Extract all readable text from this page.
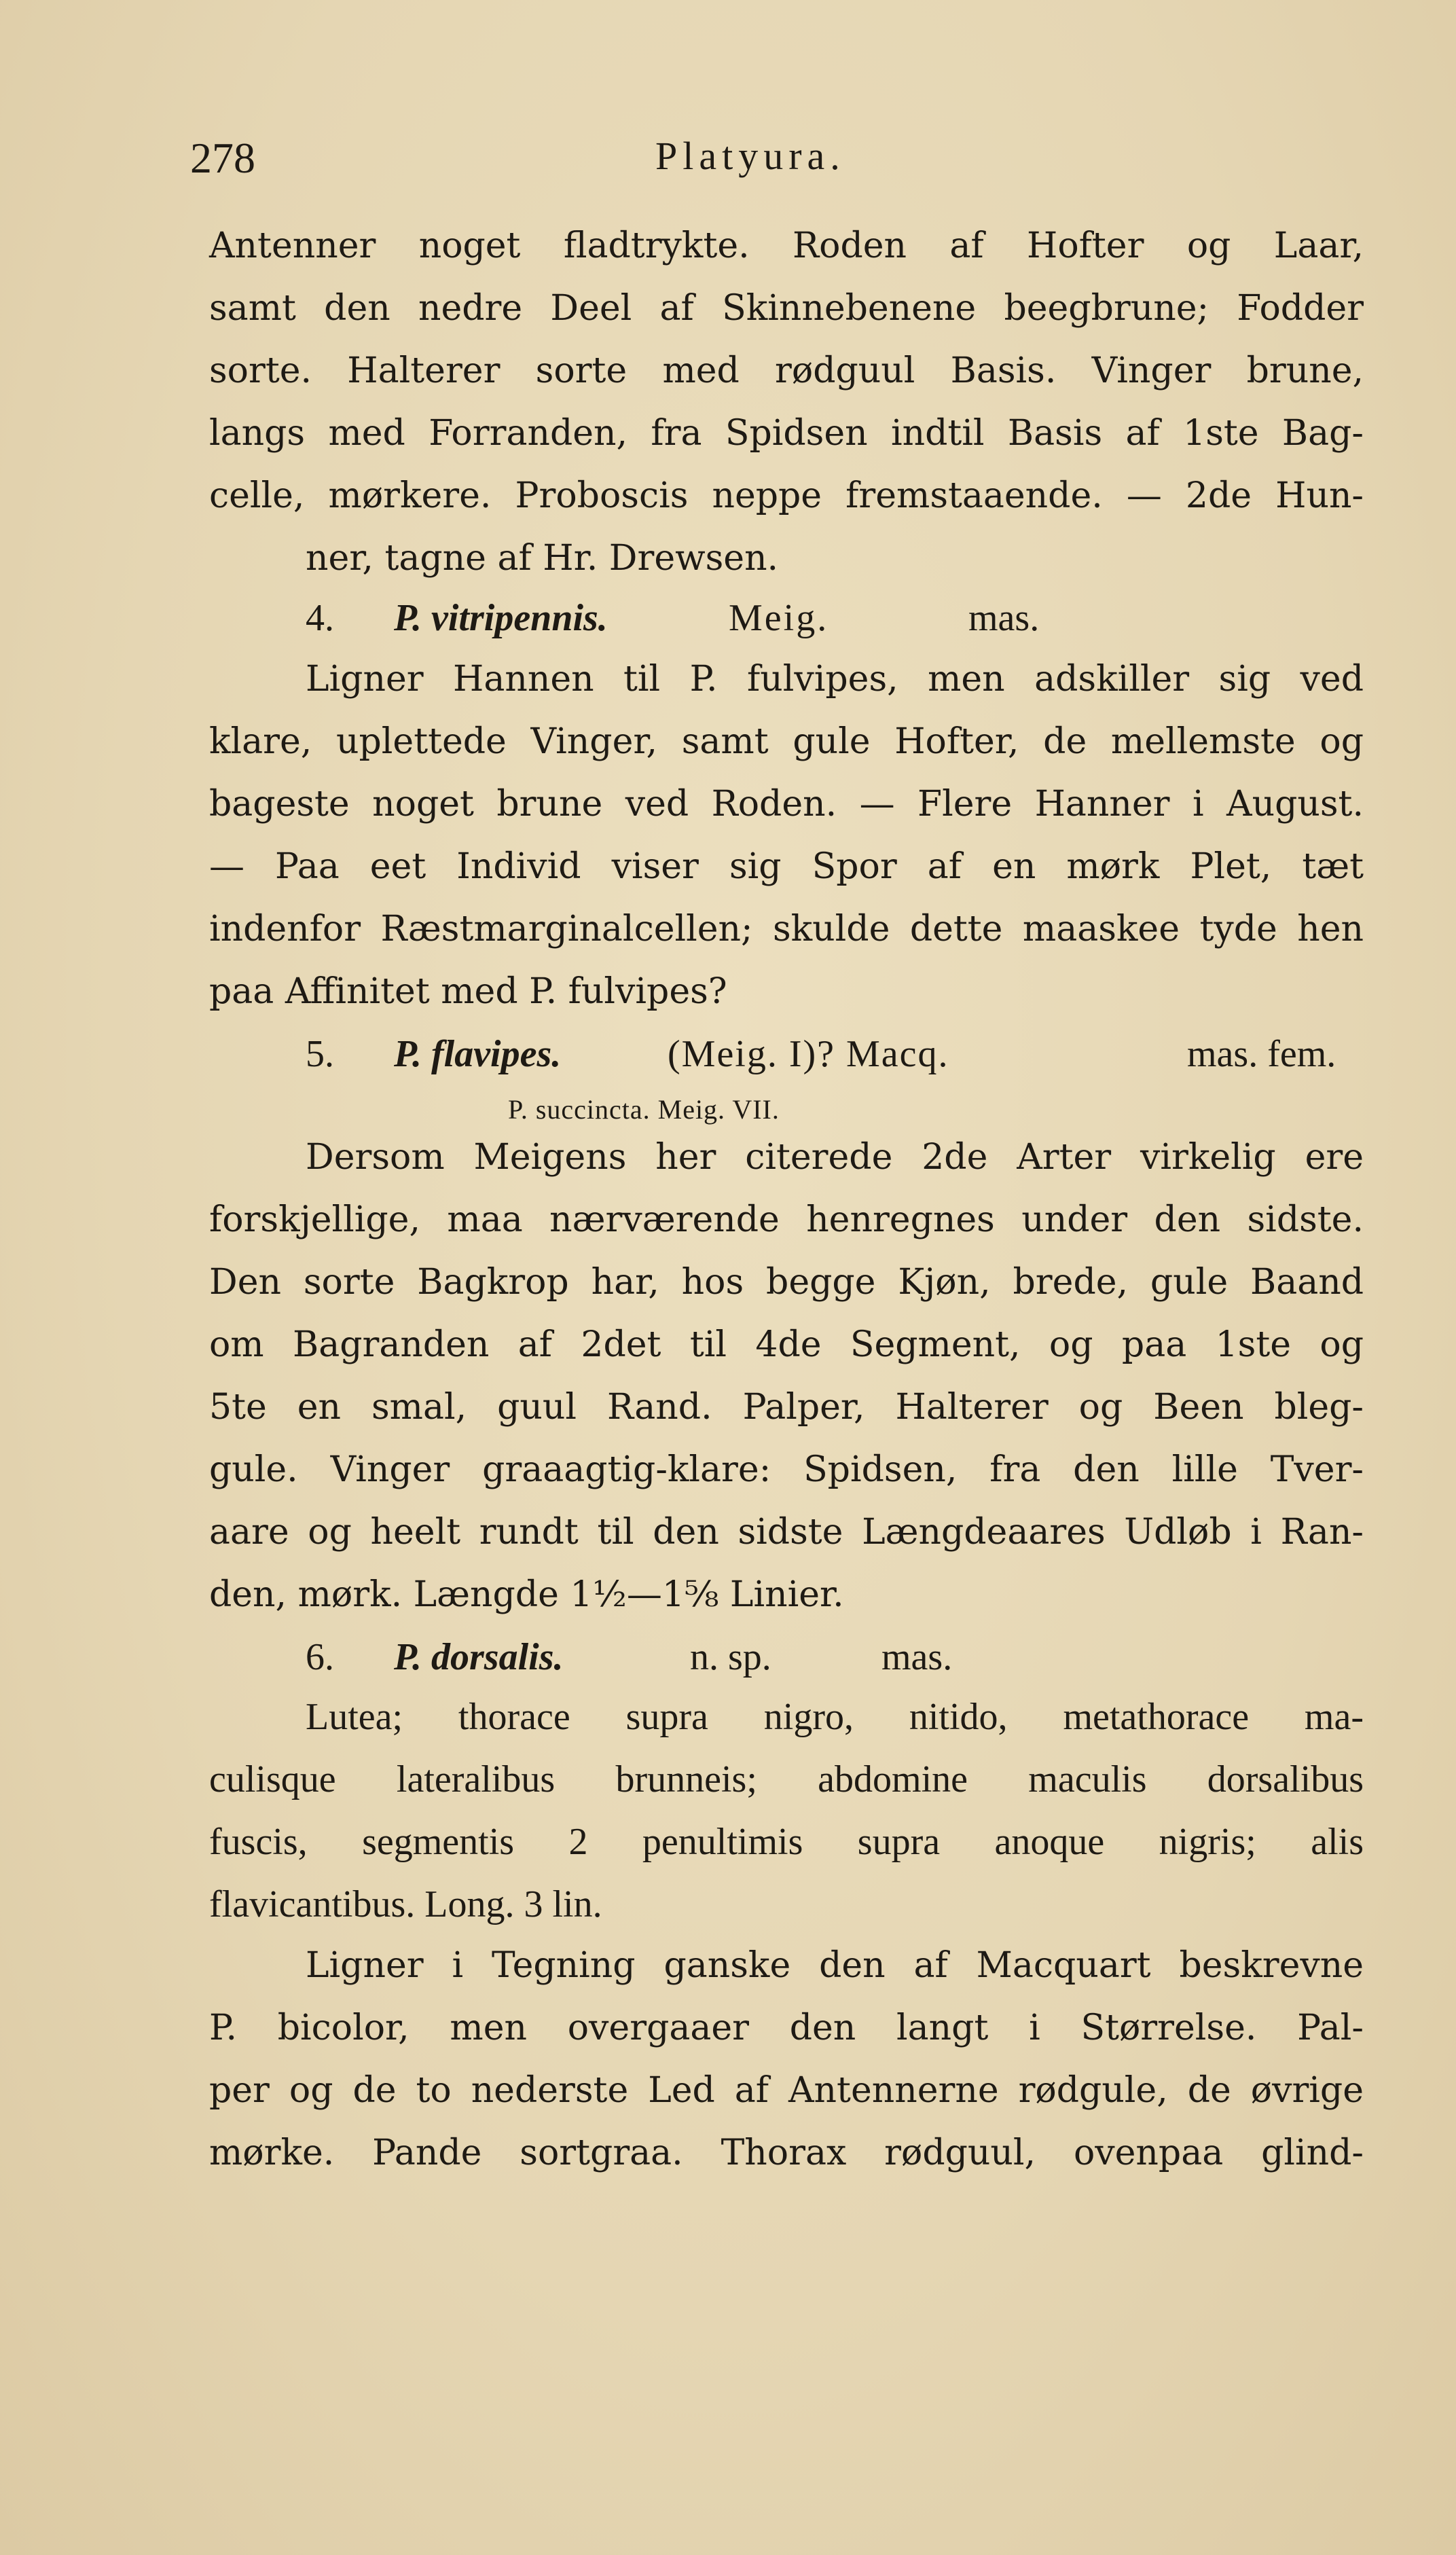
278	Platyura.
Antenner noget fladtrykte. Roden af Hofter og Laar,
samt den nedre Deel af Skinnebenene beegbrune; Fodder
sorte. Halterer sorte med rødguul Basis. Vinger brune,
langs med Forranden, fra Spidsen indtil Basis af 1ste Bag-
celle, mørkere. Proboscis neppe fremstaaende. — 2de Hun-
ner, tagne af Hr. Drewsen.
4. P. vitripennis.	Meig.	mas.
Ligner Hannen til P. fulvipes, men adskiller sig ved
klare, uplettede Vinger, samt gule Hofter, de mellemste og
bageste noget brune ved Roden. — Flere Hanner i August.
— Paa eet Individ viser sig Spor af en mørk Plet, tæt
indenfor Ræstmarginalcellen; skulde dette maaskee tyde hen
paa Affinitet med P. fulvipes?
5. P. flavipes.	(Meig. I)? Macq.	mas. fem.
P. succincta. Meig. VII.
Dersom Meigens her citerede 2de Arter virkelig ere
forskjellige, maa nærværende henregnes under den sidste.
Den sorte Bagkrop har, hos begge Kjøn, brede, gule Baand
om Bagranden af 2det til 4de Segment, og paa 1ste og
5te en smal, guul Rand. Palper, Halterer og Been bleg-
gule. Vinger graaagtig-klare: Spidsen, fra den lille Tver-
aare og heelt rundt til den sidste Længdeaares Udløb i Ran-
den, mørk. Længde 1½—1⅝ Linier.
6. P. dorsalis.	n. sp.	mas.
Lutea; thorace supra nigro, nitido, metathorace ma-
culisque lateralibus brunneis; abdomine maculis dorsalibus
fuscis, segmentis 2 penultimis supra anoque nigris; alis
flavicantibus. Long. 3 lin.
Ligner i Tegning ganske den af Macquart beskrevne
P. bicolor, men overgaaer den langt i Størrelse. Pal-
per og de to nederste Led af Antennerne rødgule, de øvrige
mørke. Pande sortgraa. Thorax rødguul, ovenpaa glind-
